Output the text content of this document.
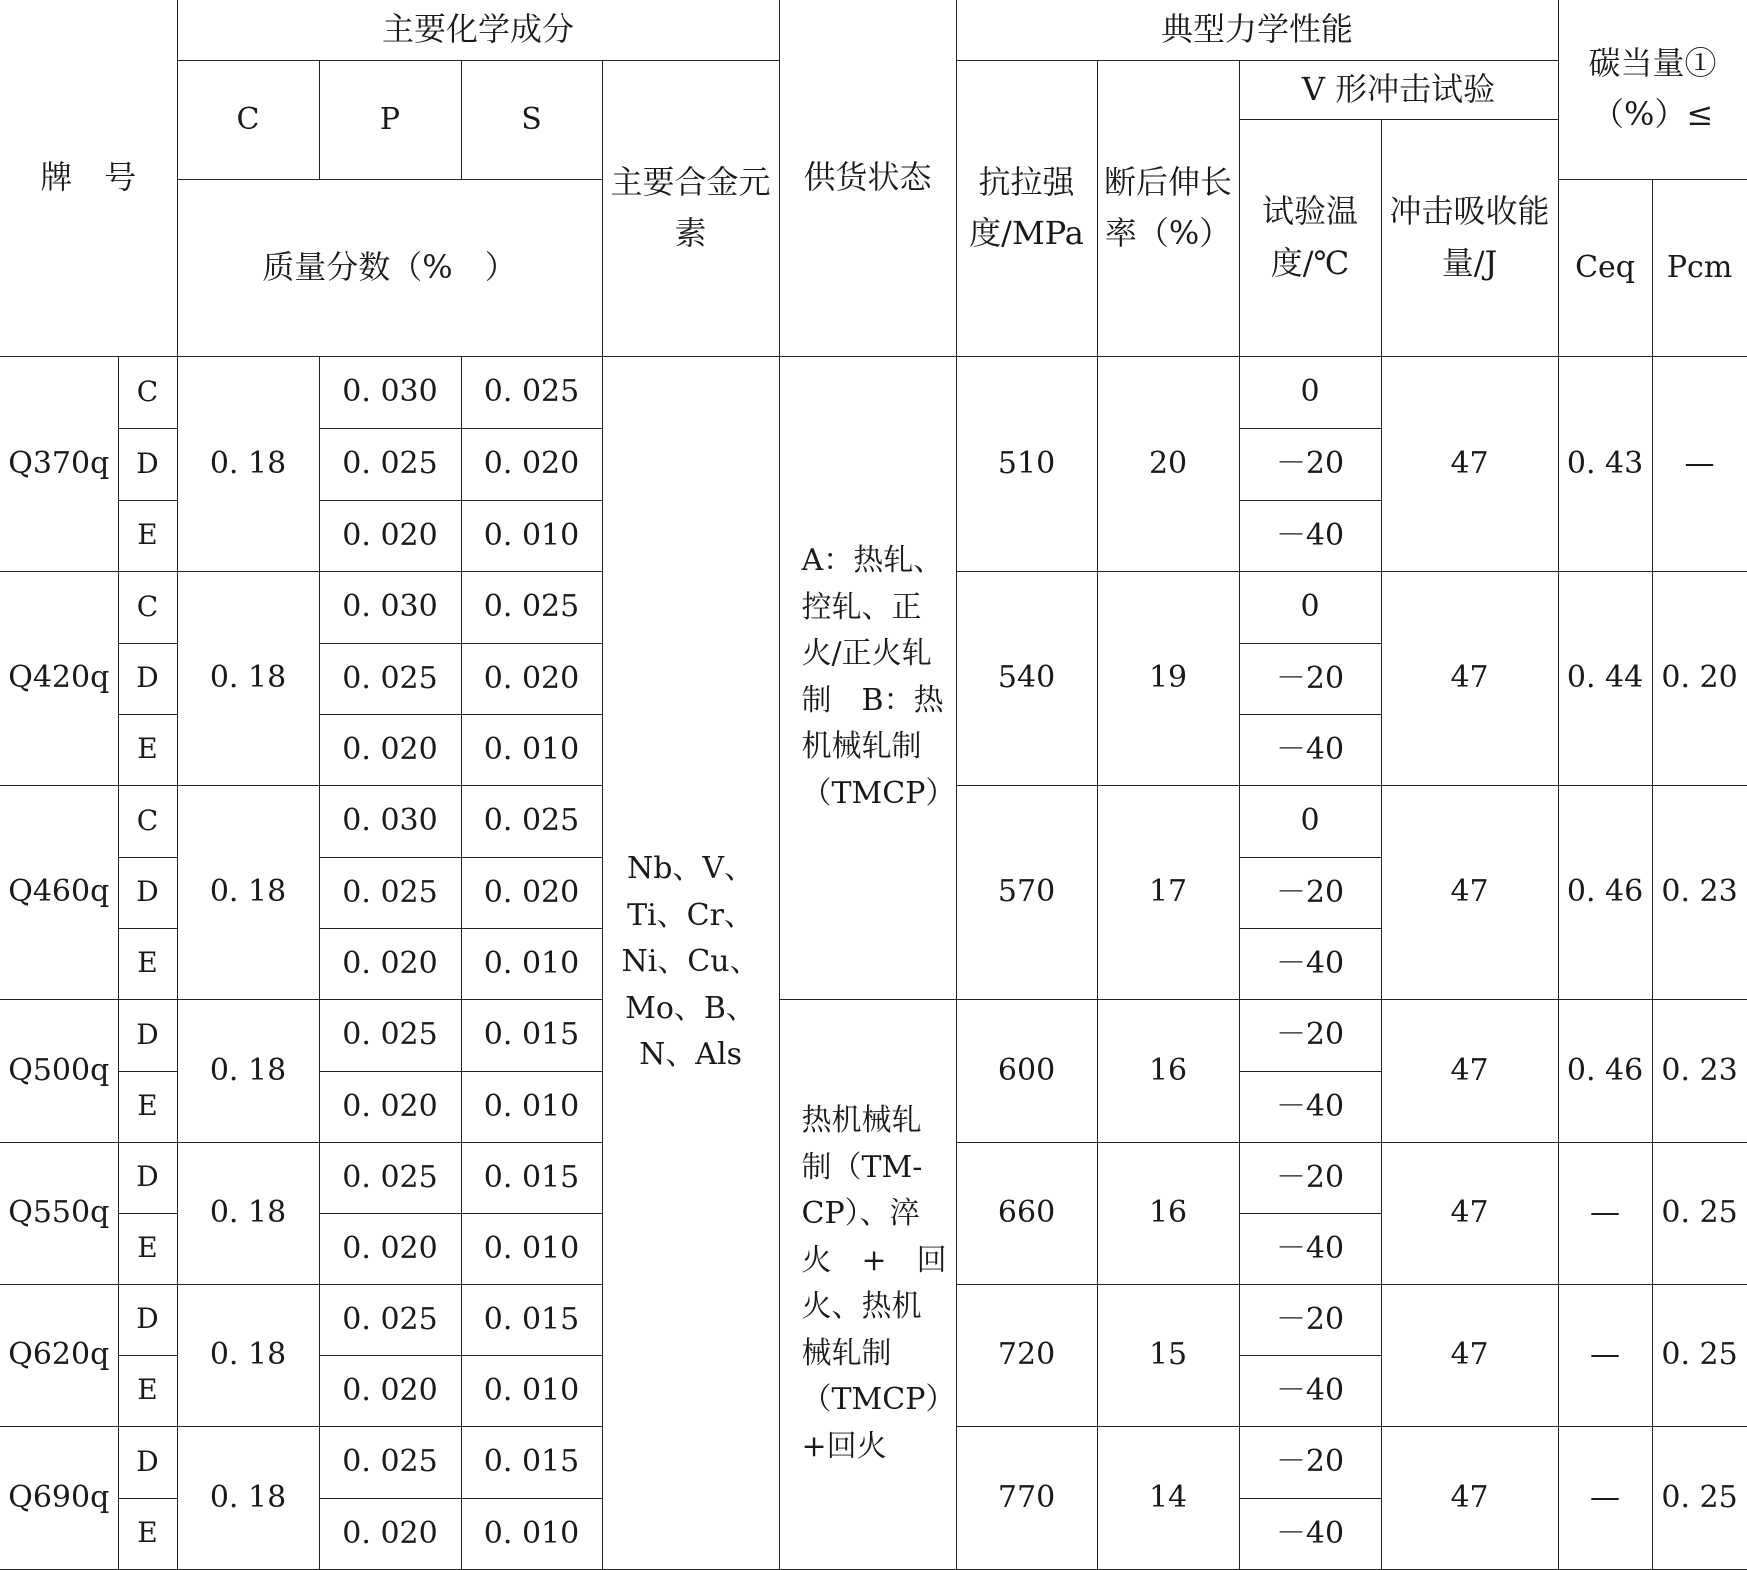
牌　号		主要化学成分				供货状态	典型力学性能				碳当量①（%）≤	
		C	P	S	主要合金元素		抗拉强度/MPa	断后伸长率（%）	V 形冲击试验			
									试验温度/℃	冲击吸收能量/J		
		质量分数（%　）									Ceq	Pcm
Q370q	C	0. 18	0. 030	0. 025	Nb、V、Ti、Cr、Ni、Cu、Mo、B、N、Als	A：热轧、控轧、正　火/正火轧制　B：热机械轧制（TMCP）	510	20	0	47	0. 43	—
	D		0. 025	0. 020					－20			
	E		0. 020	0. 010					－40			
Q420q	C	0. 18	0. 030	0. 025			540	19	0	47	0. 44	0. 20
	D		0. 025	0. 020					－20			
	E		0. 020	0. 010					－40			
Q460q	C	0. 18	0. 030	0. 025			570	17	0	47	0. 46	0. 23
	D		0. 025	0. 020					－20			
	E		0. 020	0. 010					－40			
Q500q	D	0. 18	0. 025	0. 015		热机械轧制（TM-CP）、淬火　+　回火、热机械轧制（TMCP）+回火	600	16	－20	47	0. 46	0. 23
	E		0. 020	0. 010					－40			
Q550q	D	0. 18	0. 025	0. 015			660	16	－20	47	—	0. 25
	E		0. 020	0. 010					－40			
Q620q	D	0. 18	0. 025	0. 015			720	15	－20	47	—	0. 25
	E		0. 020	0. 010					－40			
Q690q	D	0. 18	0. 025	0. 015			770	14	－20	47	—	0. 25
	E		0. 020	0. 010					－40			
